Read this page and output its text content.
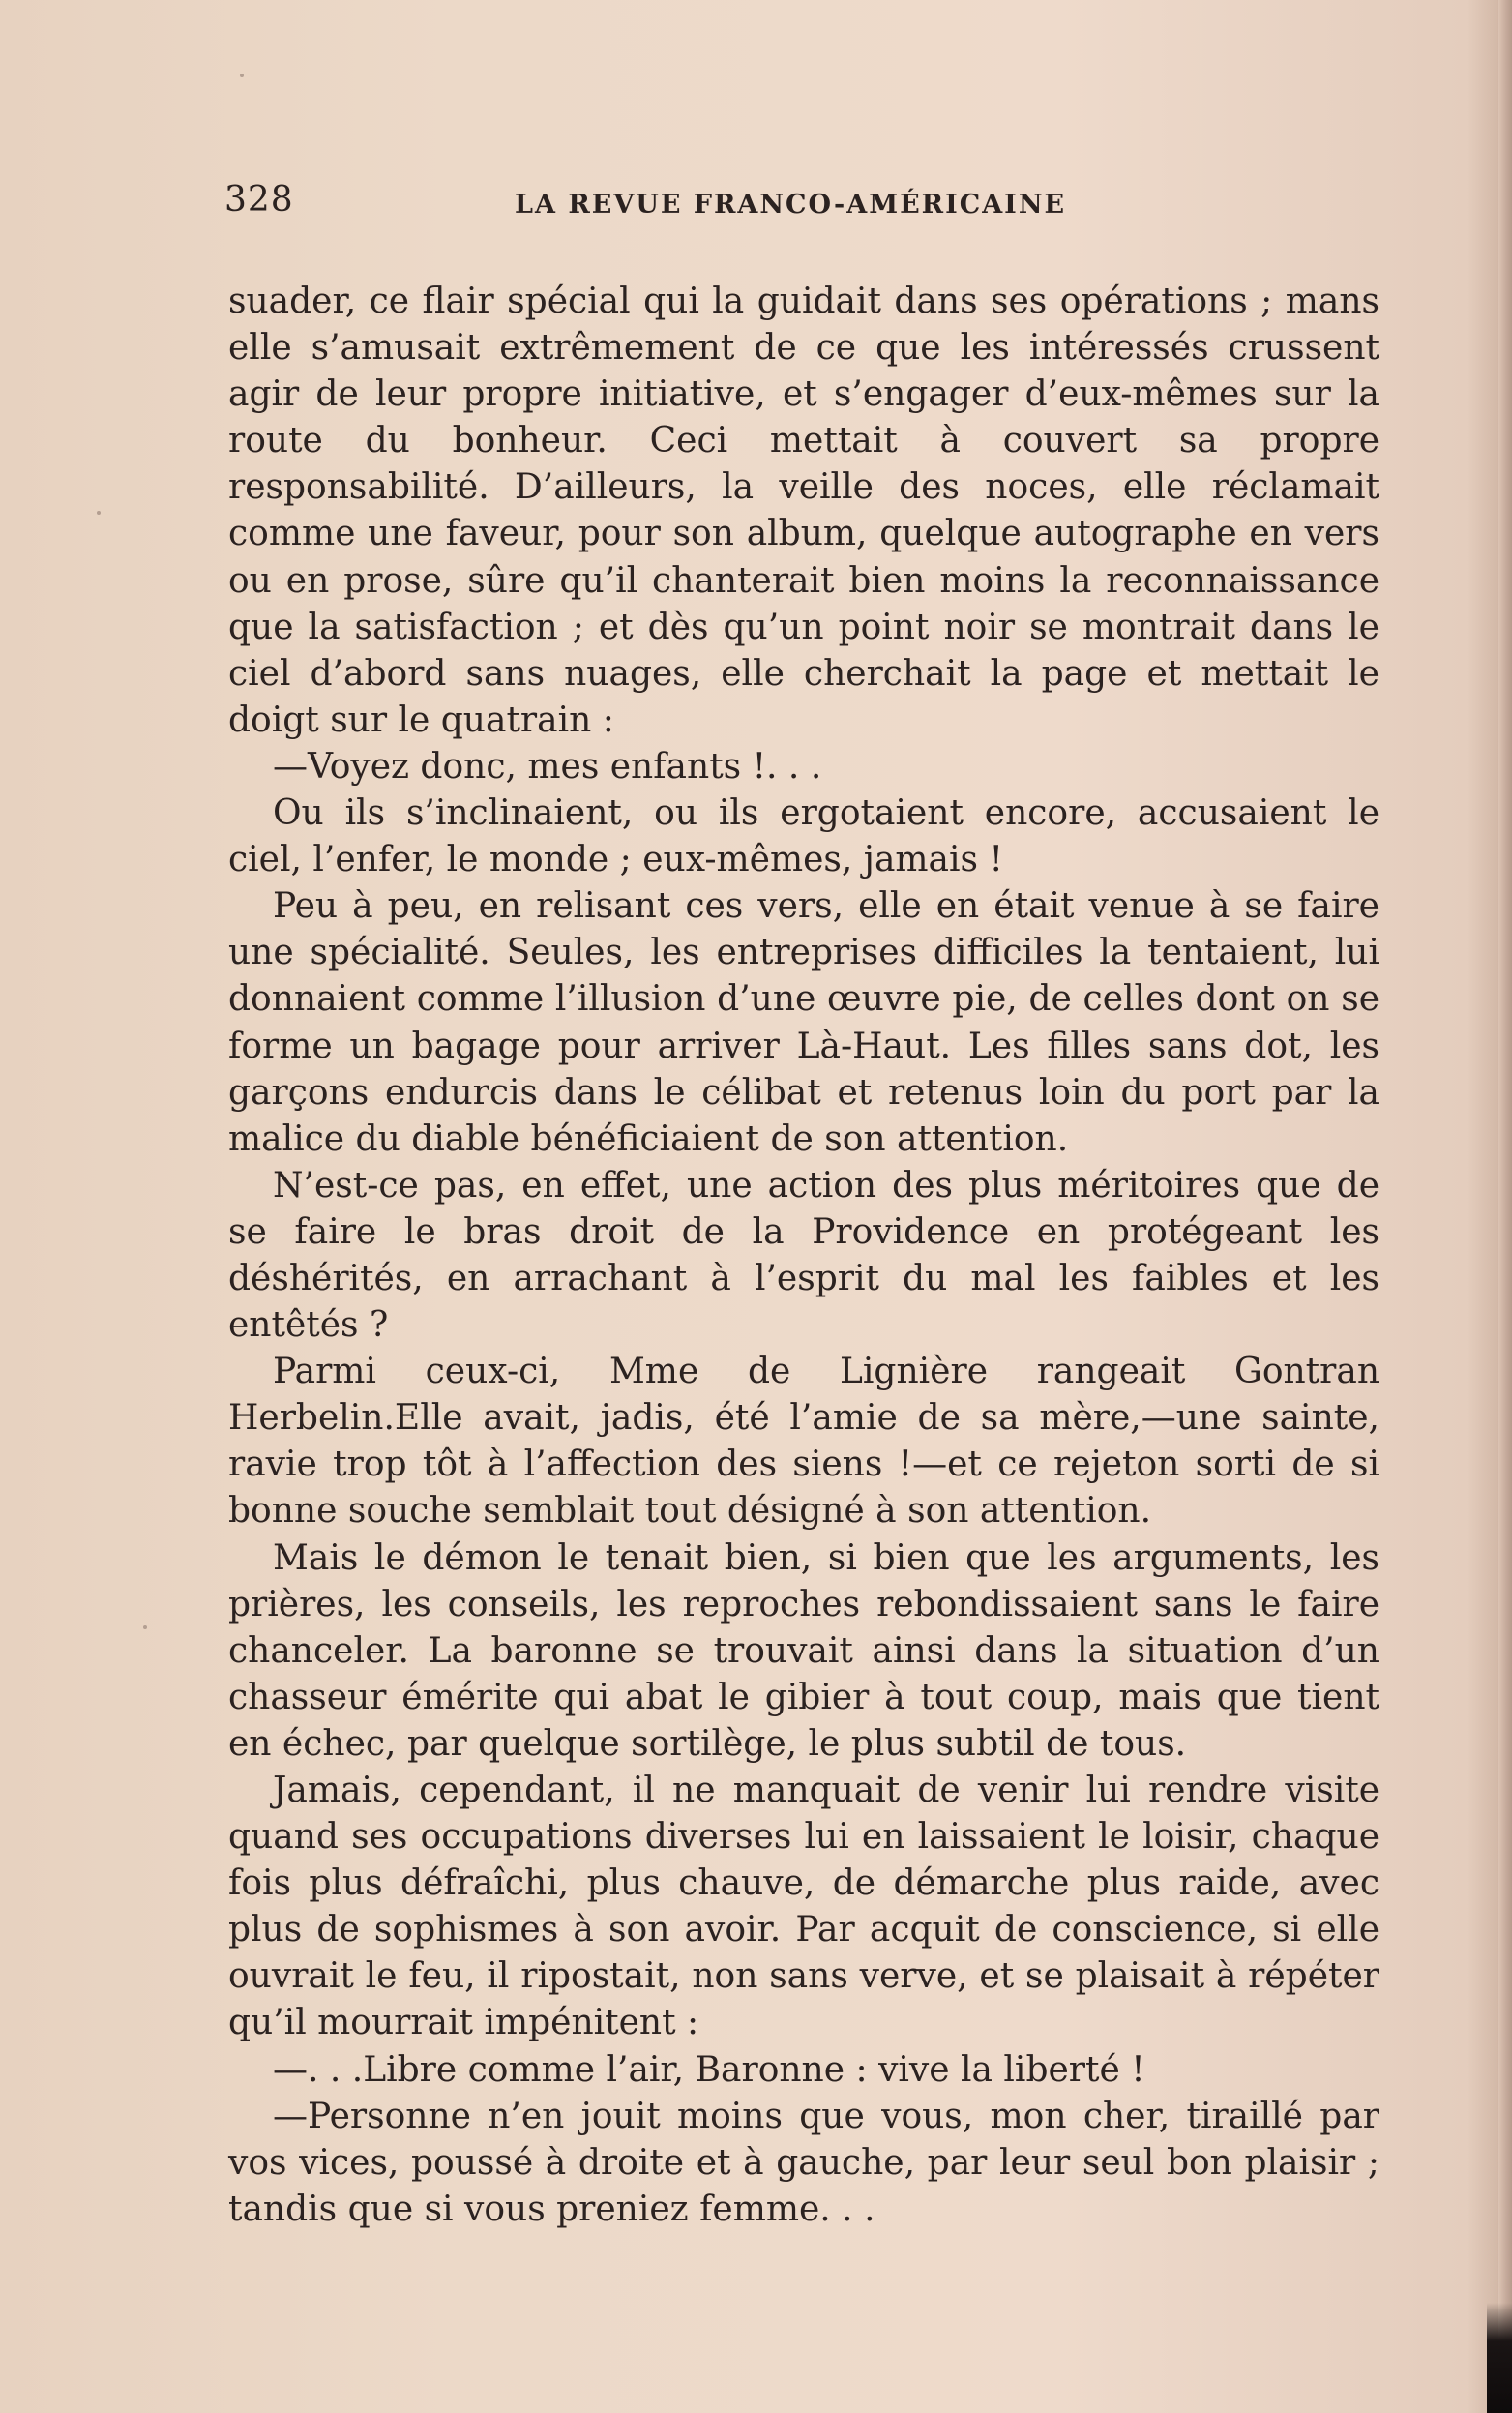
328	LA REVUE FRANCO-AMÉRICAINE

suader, ce flair spécial qui la guidait dans ses opérations ; mans elle s’amusait extrêmement de ce que les intéressés crussent agir de leur propre initiative, et s’engager d’eux-mêmes sur la route du bonheur. Ceci mettait à couvert sa propre responsabilité. D’ailleurs, la veille des noces, elle réclamait comme une faveur, pour son album, quelque autographe en vers ou en prose, sûre qu’il chanterait bien moins la reconnaissance que la satisfaction ; et dès qu’un point noir se montrait dans le ciel d’abord sans nuages, elle cherchait la page et mettait le doigt sur le quatrain :

—Voyez donc, mes enfants !. . .

Ou ils s’inclinaient, ou ils ergotaient encore, accusaient le ciel, l’enfer, le monde ; eux-mêmes, jamais !

Peu à peu, en relisant ces vers, elle en était venue à se faire une spécialité. Seules, les entreprises difficiles la tentaient, lui donnaient comme l’illusion d’une œuvre pie, de celles dont on se forme un bagage pour arriver Là-Haut. Les filles sans dot, les garçons endurcis dans le célibat et retenus loin du port par la malice du diable bénéficiaient de son attention.

N’est-ce pas, en effet, une action des plus méritoires que de se faire le bras droit de la Providence en protégeant les déshérités, en arrachant à l’esprit du mal les faibles et les entêtés ?

Parmi ceux-ci, Mme de Lignière rangeait Gontran Herbelin.Elle avait, jadis, été l’amie de sa mère,—une sainte, ravie trop tôt à l’affection des siens !—et ce rejeton sorti de si bonne souche semblait tout désigné à son attention.

Mais le démon le tenait bien, si bien que les arguments, les prières, les conseils, les reproches rebondissaient sans le faire chanceler. La baronne se trouvait ainsi dans la situation d’un chasseur émérite qui abat le gibier à tout coup, mais que tient en échec, par quelque sortilège, le plus subtil de tous.

Jamais, cependant, il ne manquait de venir lui rendre visite quand ses occupations diverses lui en laissaient le loisir, chaque fois plus défraîchi, plus chauve, de démarche plus raide, avec plus de sophismes à son avoir. Par acquit de conscience, si elle ouvrait le feu, il ripostait, non sans verve, et se plaisait à répéter qu’il mourrait impénitent :

—. . .Libre comme l’air, Baronne : vive la liberté !

—Personne n’en jouit moins que vous, mon cher, tiraillé par vos vices, poussé à droite et à gauche, par leur seul bon plaisir ; tandis que si vous preniez femme. . .
